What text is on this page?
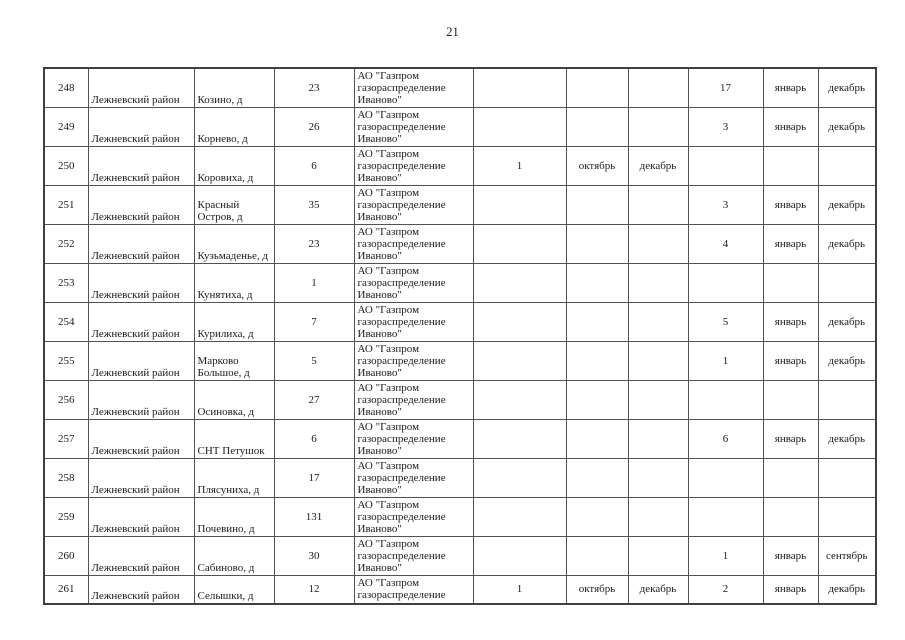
21
248	Лежневский район	Козино, д	23	АО "Газпром газораспределение Иваново"				17	январь	декабрь
249	Лежневский район	Корнево, д	26	АО "Газпром газораспределение Иваново"				3	январь	декабрь
250	Лежневский район	Коровиха, д	6	АО "Газпром газораспределение Иваново"	1	октябрь	декабрь			
251	Лежневский район	Красный Остров, д	35	АО "Газпром газораспределение Иваново"				3	январь	декабрь
252	Лежневский район	Кузьмаденье, д	23	АО "Газпром газораспределение Иваново"				4	январь	декабрь
253	Лежневский район	Кунятиха, д	1	АО "Газпром газораспределение Иваново"						
254	Лежневский район	Курилиха, д	7	АО "Газпром газораспределение Иваново"				5	январь	декабрь
255	Лежневский район	Марково Большое, д	5	АО "Газпром газораспределение Иваново"				1	январь	декабрь
256	Лежневский район	Осиновка, д	27	АО "Газпром газораспределение Иваново"						
257	Лежневский район	СНТ Петушок	6	АО "Газпром газораспределение Иваново"				6	январь	декабрь
258	Лежневский район	Плясуниха, д	17	АО "Газпром газораспределение Иваново"						
259	Лежневский район	Почевино, д	131	АО "Газпром газораспределение Иваново"						
260	Лежневский район	Сабиново, д	30	АО "Газпром газораспределение Иваново"				1	январь	сентябрь
261	Лежневский район	Селышки, д	12	АО "Газпром газораспределение	1	октябрь	декабрь	2	январь	декабрь
